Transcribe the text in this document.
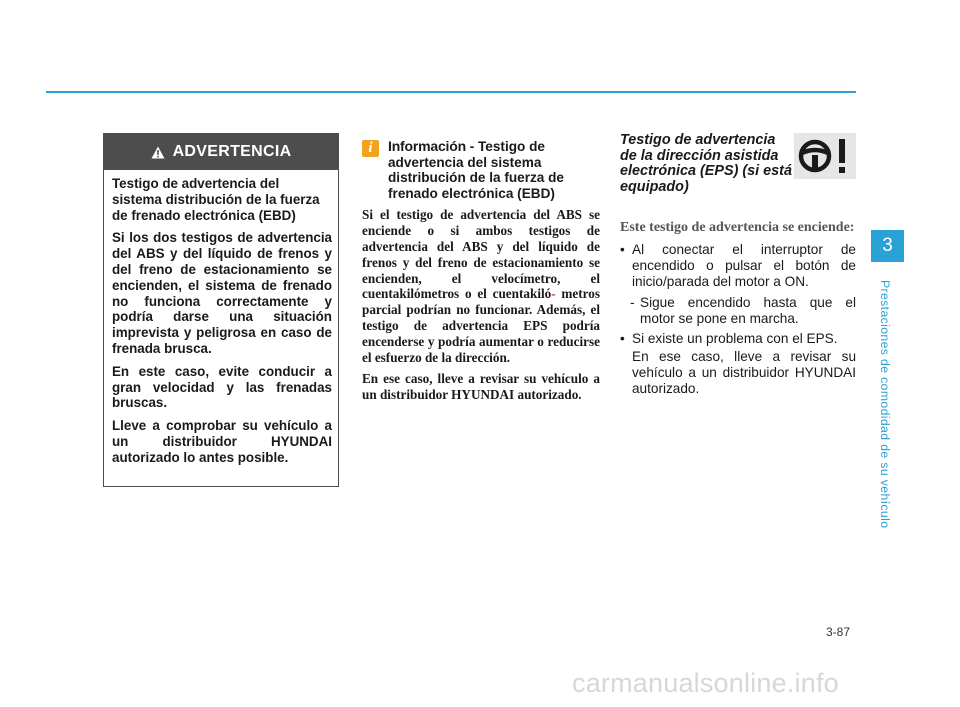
ADVERTENCIA

Testigo de advertencia del sistema distribución de la fuerza de frenado electrónica (EBD)

Si los dos testigos de advertencia del ABS y del líquido de frenos y del freno de estacionamiento se encienden, el sistema de frenado no funciona correctamente y podría darse una situación imprevista y peligrosa en caso de frenada brusca.

En este caso, evite conducir a gran velocidad y las frenadas bruscas.

Lleve a comprobar su vehículo a un distribuidor HYUNDAI autorizado lo antes posible.

i	Información - Testigo de advertencia del sistema distribución de la fuerza de frenado electrónica (EBD)

Si el testigo de advertencia del ABS se enciende o si ambos testigos de advertencia del ABS y del líquido de frenos y del freno de estacionamiento se encienden, el velocímetro, el cuentakilómetros o el cuentakiló- metros parcial podrían no funcionar. Además, el testigo de advertencia EPS podría encenderse y podría aumentar o reducirse el esfuerzo de la dirección.

En ese caso, lleve a revisar su vehículo a un distribuidor HYUNDAI autorizado.

Testigo de advertencia de la dirección asistida electrónica (EPS) (si está equipado)

Este testigo de advertencia se enciende:

• Al conectar el interruptor de encendido o pulsar el botón de inicio/parada del motor a ON.
- Sigue encendido hasta que el motor se pone en marcha.
• Si existe un problema con el EPS.
En ese caso, lleve a revisar su vehículo a un distribuidor HYUNDAI autorizado.
3
Prestaciones de comodidad de su vehículo
3-87
carmanualsonline.info
